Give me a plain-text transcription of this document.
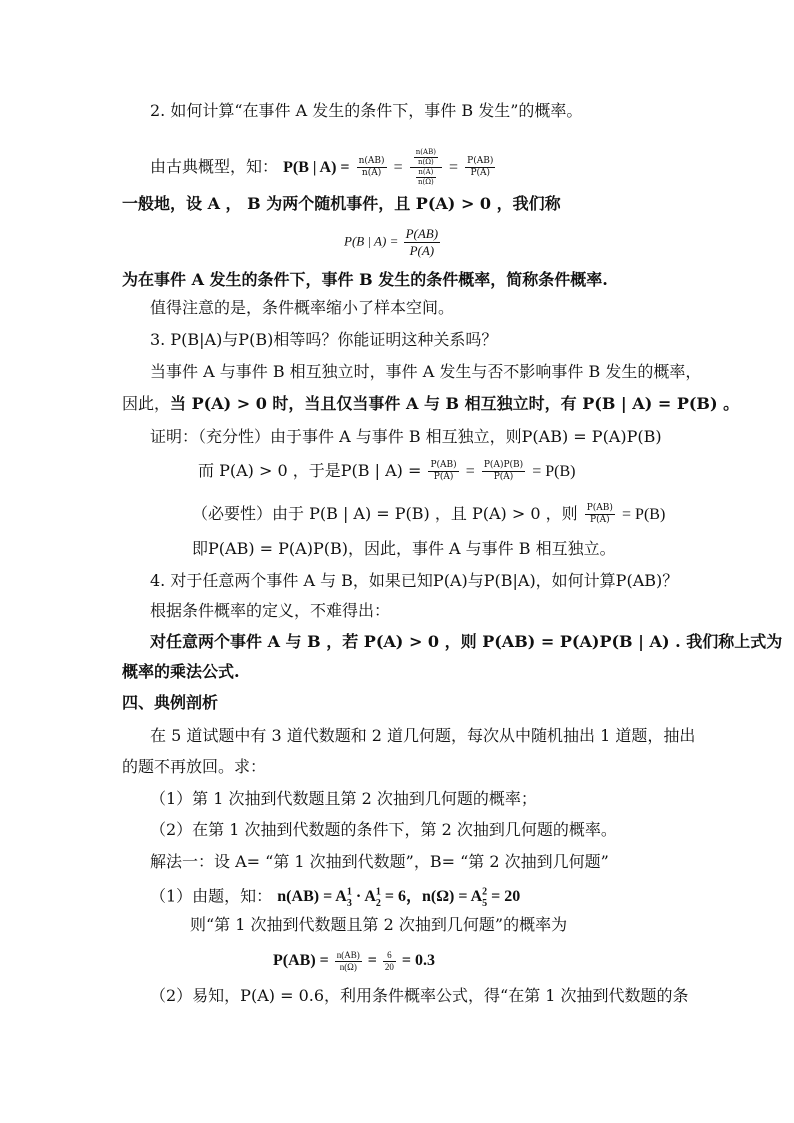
2. 如何计算“在事件 A 发生的条件下，事件 B 发生”的概率。
由古典概型，知： P(B | $A) = \frac{n(AB)}{n(A)} = \frac{\frac{n(AB)}{n(\Omega)}}{\frac{n(A)}{n(\Omega)}} = \frac{P(AB)}{P(A)}$
一般地，设 A ， B 为两个随机事件，且 P(A) > 0 ，我们称
P(B | $A) = \frac{P(AB)}{P(A)}$
为在事件 A 发生的条件下，事件 B 发生的条件概率，简称条件概率.
值得注意的是，条件概率缩小了样本空间。
3. P(B|A)与P(B)相等吗？你能证明这种关系吗？
当事件 A 与事件 B 相互独立时，事件 A 发生与否不影响事件 B 发生的概率，
因此，当 P(A) > 0 时，当且仅当事件 A 与 B 相互独立时，有 P(B | A) = P(B) 。
证明：（充分性）由于事件 A 与事件 B 相互独立，则P(AB) = P(A)P(B)
而 P(A) > 0 ，于是P(B | $A) = \frac{P(AB)}{P(A)} = \frac{P(A)P(B)}{P(A)} = P(B)$
（必要性）由于 P(B | A) = P(B) ，且 P(A) > 0 ，则 $\frac{P(AB)}{P(A)} = P(B)$
即P(AB) = P(A)P(B)，因此，事件 A 与事件 B 相互独立。
4. 对于任意两个事件 A 与 B，如果已知P(A)与P(B|A)，如何计算P(AB)？
根据条件概率的定义，不难得出：
对任意两个事件 A 与 B ，若 P(A) > 0 ，则 P(AB) = P(A)P(B | A) . 我们称上式为
概率的乘法公式.
四、典例剖析
在 5 道试题中有 3 道代数题和 2 道几何题，每次从中随机抽出 1 道题，抽出
的题不再放回。求：
（1）第 1 次抽到代数题且第 2 次抽到几何题的概率；
（2）在第 1 次抽到代数题的条件下，第 2 次抽到几何题的概率。
解法一：设 A= “第 1 次抽到代数题”，B= “第 2 次抽到几何题”
（1）由题，知： $n(AB) = A^1_3 \cdot A^1_2 = 6$，$n(\Omega) = A^2_5 = 20$
则“第 1 次抽到代数题且第 2 次抽到几何题”的概率为
$P(AB) = \frac{n(AB)}{n(\Omega)} = \frac{6}{20} = 0.3$
（2）易知，P(A) = 0.6，利用条件概率公式，得“在第 1 次抽到代数题的条
